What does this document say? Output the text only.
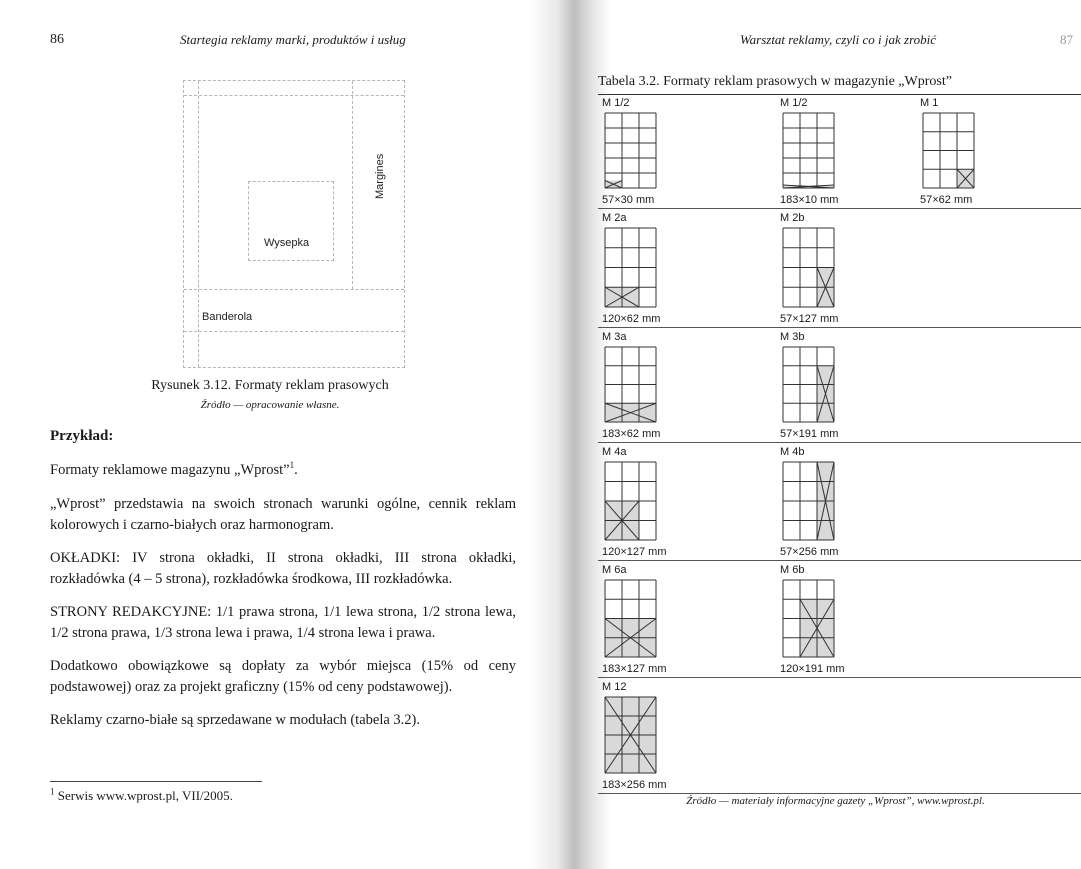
86	Startegia reklamy marki, produktów i usług
Wysepka
Margines
Banderola
Rysunek 3.12. Formaty reklam prasowych
Źródło — opracowanie własne.
Przykład:
Formaty reklamowe magazynu „Wprost”$^1$.
„Wprost” przedstawia na swoich stronach warunki ogólne, cennik reklam kolorowych i czarno-białych oraz harmonogram.
OKŁADKI: IV strona okładki, II strona okładki, III strona okładki, rozkładówka (4 – 5 strona), rozkładówka środkowa, III rozkładówka.
STRONY REDAKCYJNE: 1/1 prawa strona, 1/1 lewa strona, 1/2 strona lewa, 1/2 strona prawa, 1/3 strona lewa i prawa, 1/4 strona lewa i prawa.
Dodatkowo obowiązkowe są dopłaty za wybór miejsca (15% od ceny podstawowej) oraz za projekt graficzny (15% od ceny podstawowej).
Reklamy czarno-białe są sprzedawane w modułach (tabela 3.2).
$^1$ Serwis www.wprost.pl, VII/2005.
Warsztat reklamy, czyli co i jak zrobić	87
Tabela 3.2. Formaty reklam prasowych w magazynie „Wprost”
M 1/2
57×30 mm
M 1/2
183×10 mm
M 1
57×62 mm
M 2a
120×62 mm
M 2b
57×127 mm
M 3a
183×62 mm
M 3b
57×191 mm
M 4a
120×127 mm
M 4b
57×256 mm
M 6a
183×127 mm
M 6b
120×191 mm
M 12
183×256 mm
Źródło — materiały informacyjne gazety „Wprost”, www.wprost.pl.
